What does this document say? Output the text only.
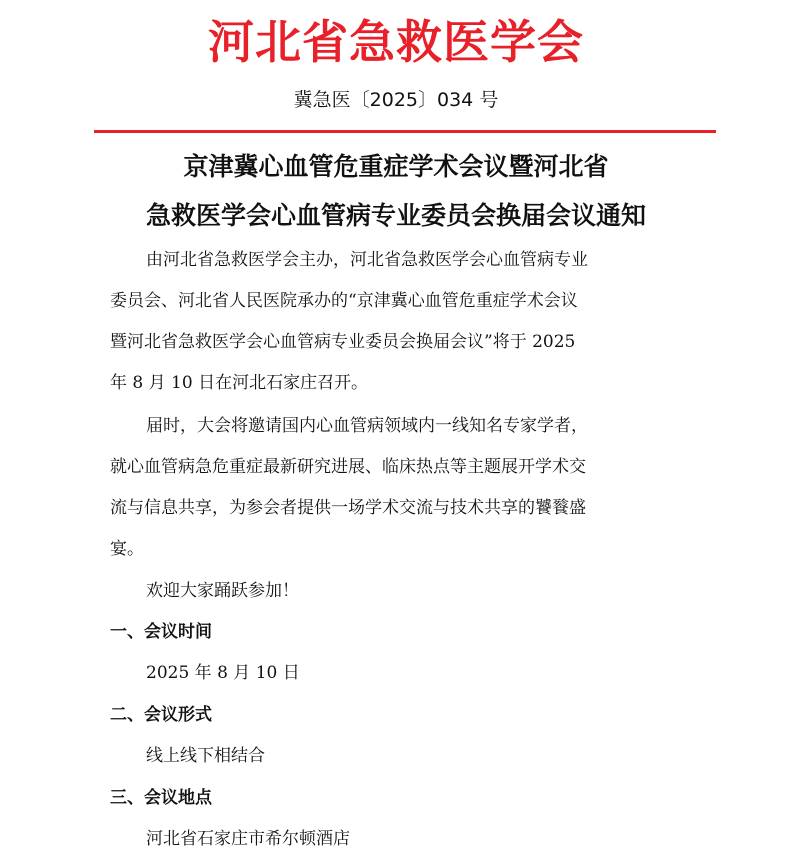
河北省急救医学会
冀急医〔2025〕034 号
京津冀心血管危重症学术会议暨河北省
急救医学会心血管病专业委员会换届会议通知
由河北省急救医学会主办，河北省急救医学会心血管病专业
委员会、河北省人民医院承办的“京津冀心血管危重症学术会议
暨河北省急救医学会心血管病专业委员会换届会议”将于 2025
年 8 月 10 日在河北石家庄召开。
届时，大会将邀请国内心血管病领域内一线知名专家学者，
就心血管病急危重症最新研究进展、临床热点等主题展开学术交
流与信息共享，为参会者提供一场学术交流与技术共享的饕餮盛
宴。
欢迎大家踊跃参加！
一、会议时间
2025 年 8 月 10 日
二、会议形式
线上线下相结合
三、会议地点
河北省石家庄市希尔顿酒店
